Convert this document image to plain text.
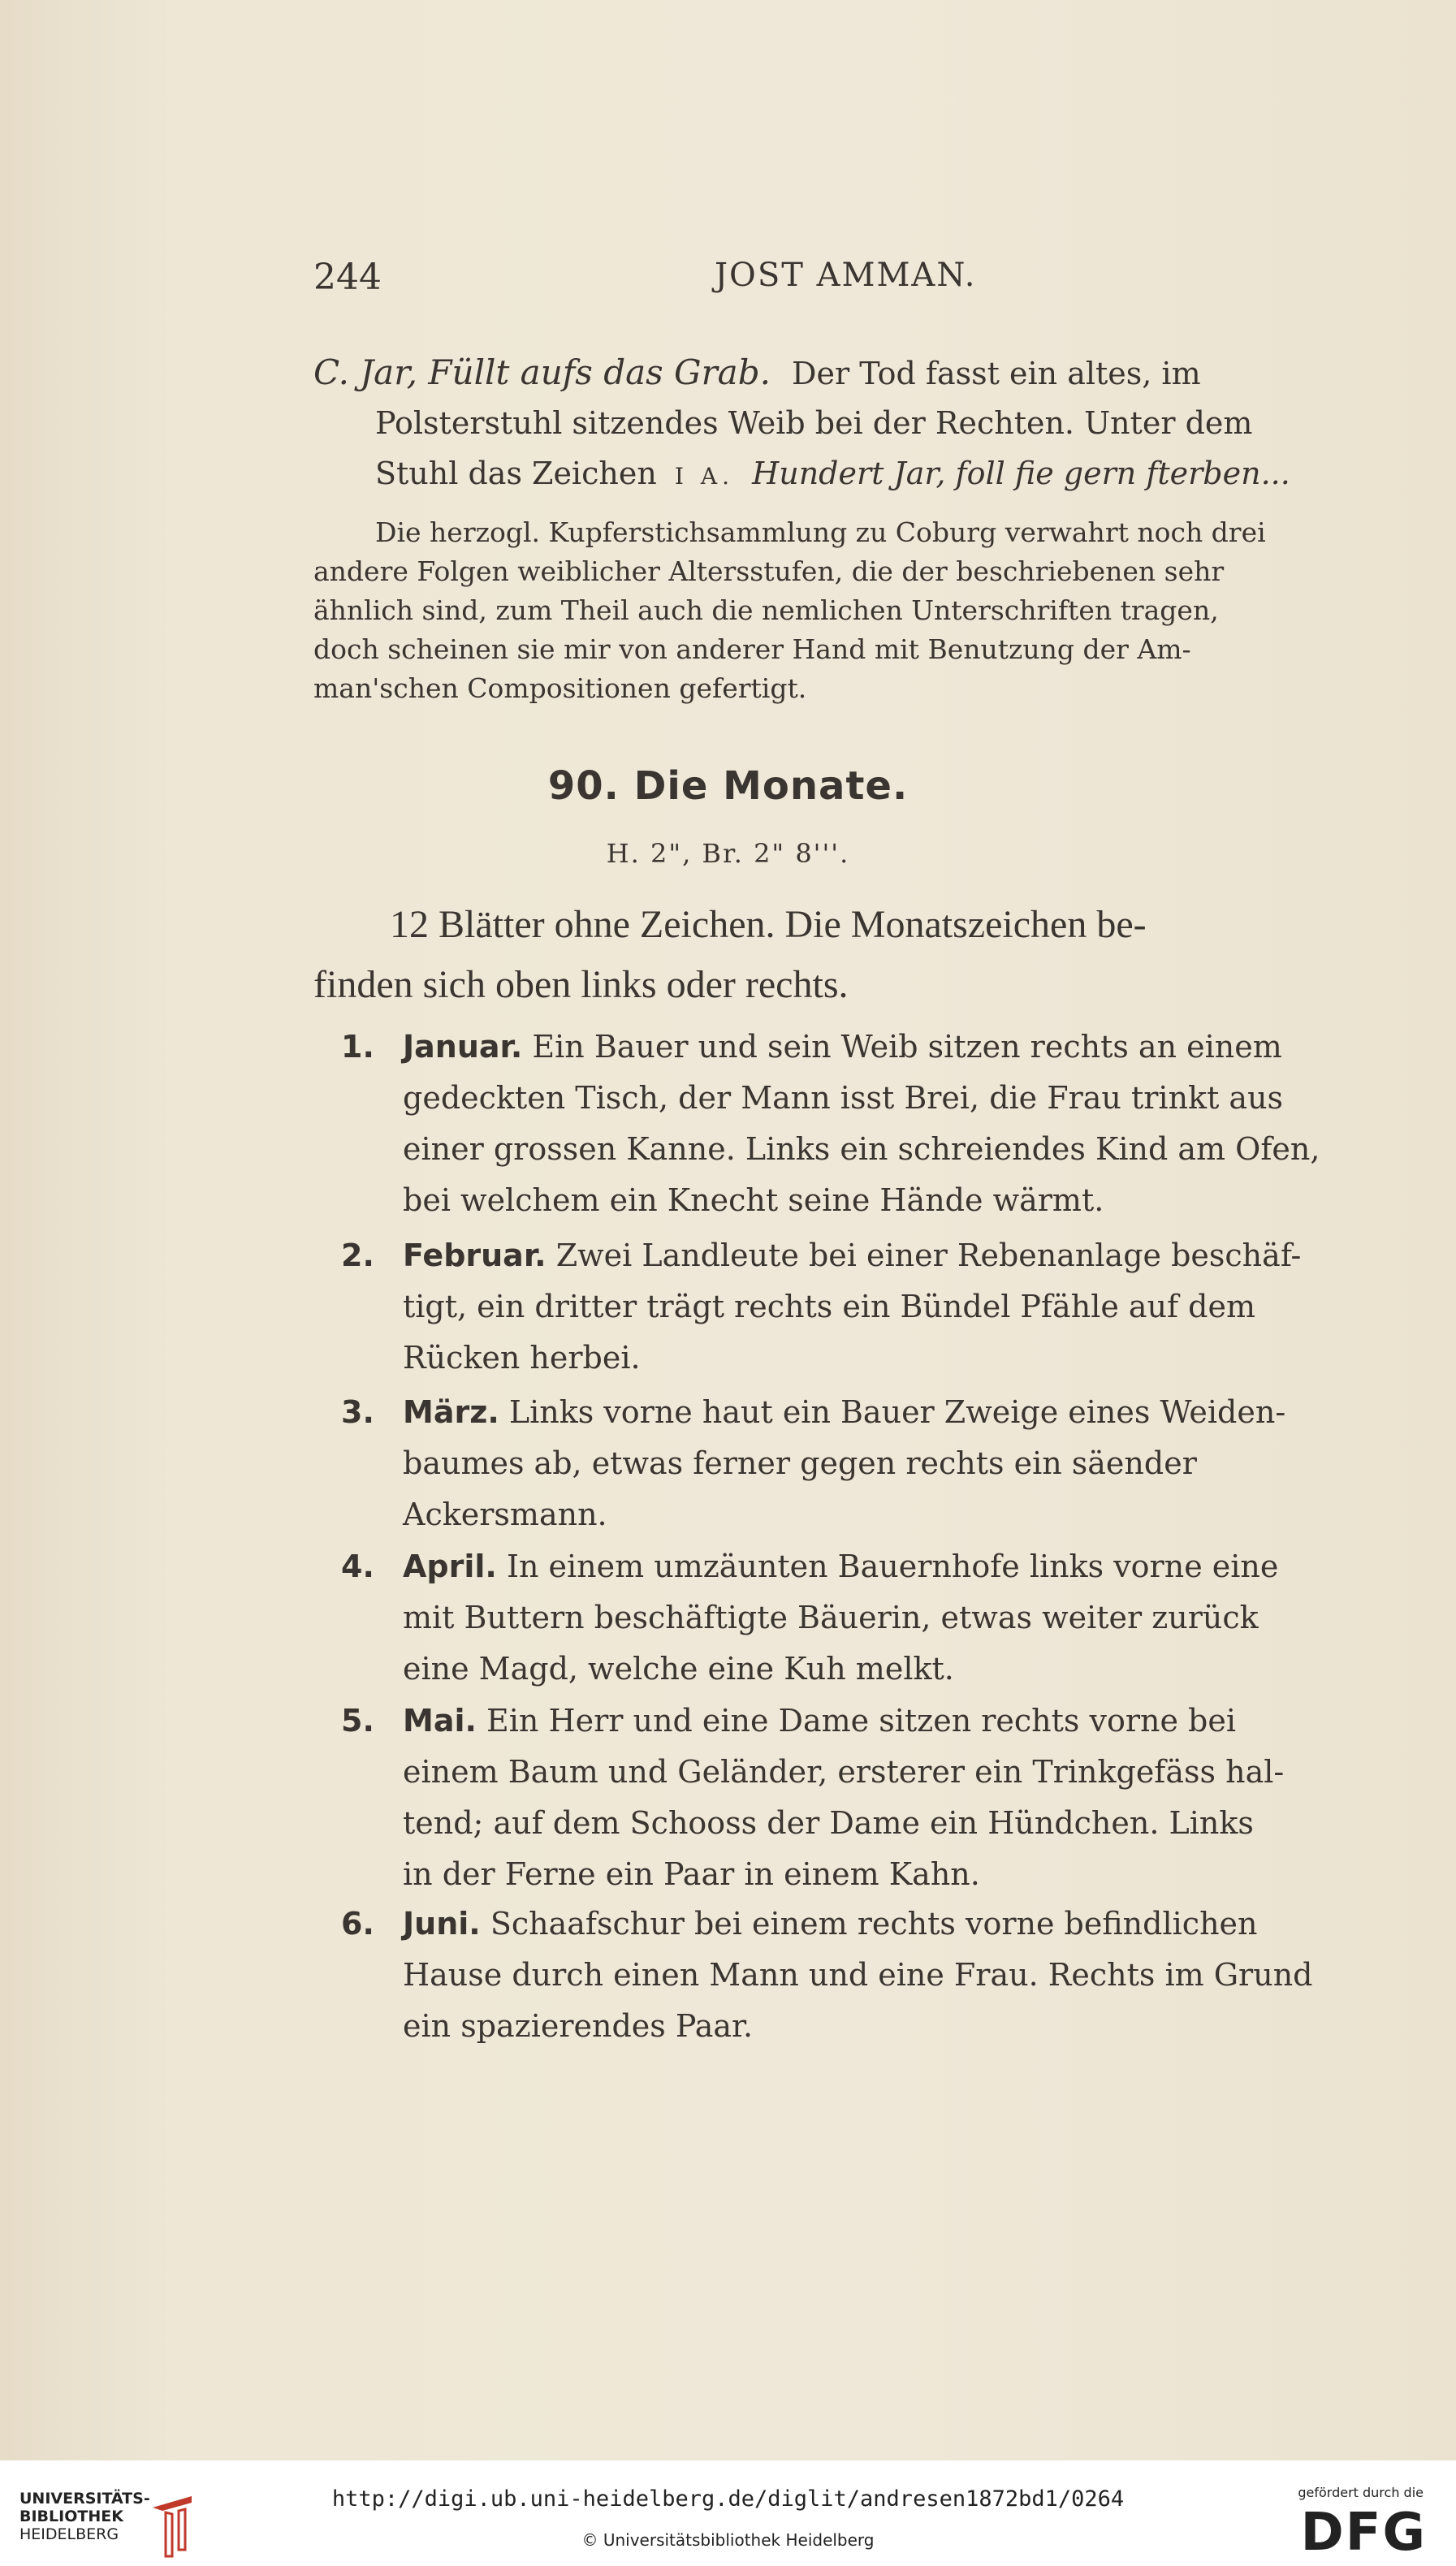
244	JOST AMMAN.
C. Jar, Füllt aufs das Grab. Der Tod fasst ein altes, im
Polsterstuhl sitzendes Weib bei der Rechten. Unter dem
Stuhl das Zeichen I A. Hundert Jar, foll fie gern fterben...
Die herzogl. Kupferstichsammlung zu Coburg verwahrt noch drei
andere Folgen weiblicher Altersstufen, die der beschriebenen sehr
ähnlich sind, zum Theil auch die nemlichen Unterschriften tragen,
doch scheinen sie mir von anderer Hand mit Benutzung der Am-
man'schen Compositionen gefertigt.
90. Die Monate.
H. 2", Br. 2" 8'''.
12 Blätter ohne Zeichen. Die Monatszeichen be-
finden sich oben links oder rechts.
1. Januar. Ein Bauer und sein Weib sitzen rechts an einem
gedeckten Tisch, der Mann isst Brei, die Frau trinkt aus
einer grossen Kanne. Links ein schreiendes Kind am Ofen,
bei welchem ein Knecht seine Hände wärmt.
2. Februar. Zwei Landleute bei einer Rebenanlage beschäf-
tigt, ein dritter trägt rechts ein Bündel Pfähle auf dem
Rücken herbei.
3. März. Links vorne haut ein Bauer Zweige eines Weiden-
baumes ab, etwas ferner gegen rechts ein säender
Ackersmann.
4. April. In einem umzäunten Bauernhofe links vorne eine
mit Buttern beschäftigte Bäuerin, etwas weiter zurück
eine Magd, welche eine Kuh melkt.
5. Mai. Ein Herr und eine Dame sitzen rechts vorne bei
einem Baum und Geländer, ersterer ein Trinkgefäss hal-
tend; auf dem Schooss der Dame ein Hündchen. Links
in der Ferne ein Paar in einem Kahn.
6. Juni. Schaafschur bei einem rechts vorne befindlichen
Hause durch einen Mann und eine Frau. Rechts im Grund
ein spazierendes Paar.
UNIVERSITÄTS-
BIBLIOTHEK
HEIDELBERG
http://digi.ub.uni-heidelberg.de/diglit/andresen1872bd1/0264
© Universitätsbibliothek Heidelberg
gefördert durch die
DFG
